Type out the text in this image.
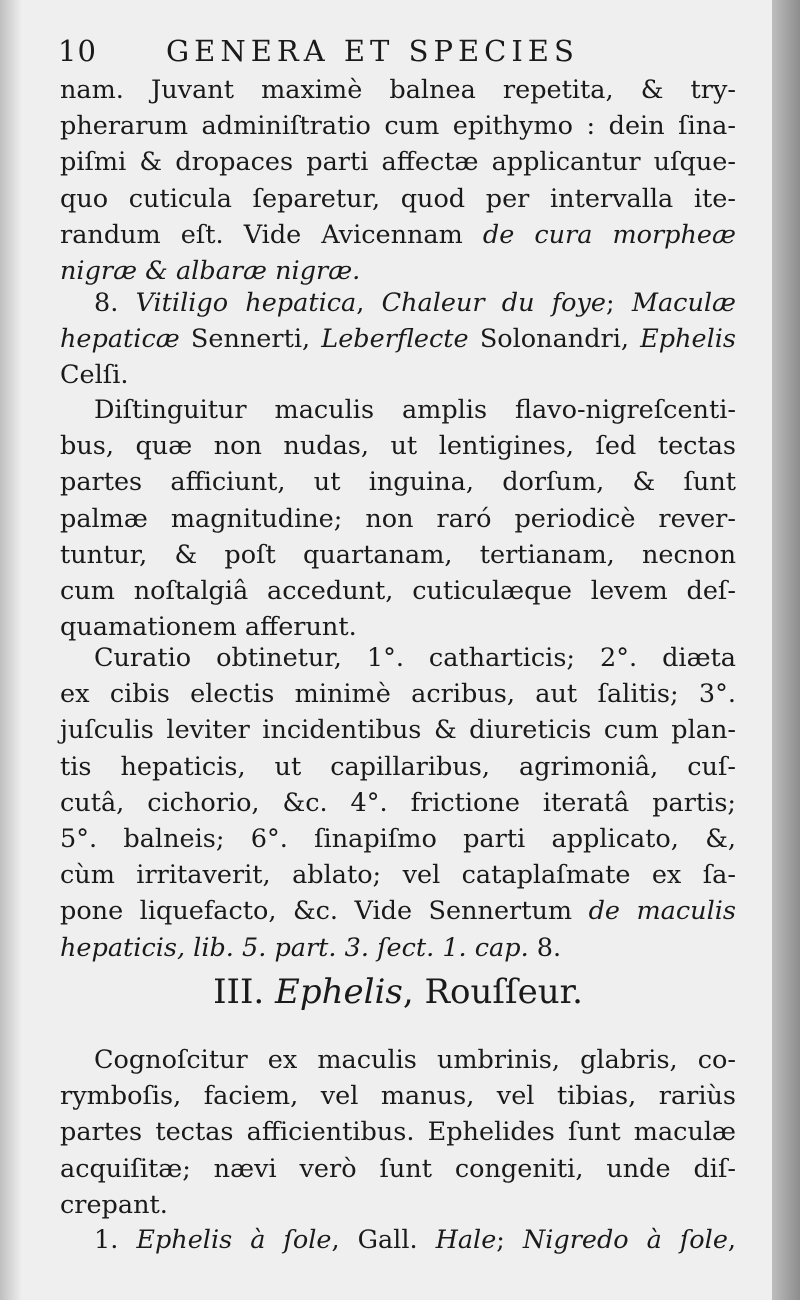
10 GENERA ET SPECIES
nam. Juvant maximè balnea repetita, & try-
pherarum adminiſtratio cum epithymo : dein ſina-
piſmi & dropaces parti affectæ applicantur uſque-
quo cuticula ſeparetur, quod per intervalla ite-
randum eſt. Vide Avicennam de cura morpheæ
nigræ & albaræ nigræ.
8. Vitiligo hepatica, Chaleur du foye; Maculæ
hepaticæ Sennerti, Leberflecte Solonandri, Ephelis
Celſi.
Diſtinguitur maculis amplis flavo-nigreſcenti-
bus, quæ non nudas, ut lentigines, ſed tectas
partes afficiunt, ut inguina, dorſum, & ſunt
palmæ magnitudine; non raró periodicè rever-
tuntur, & poſt quartanam, tertianam, necnon
cum noſtalgiâ accedunt, cuticulæque levem deſ-
quamationem afferunt.
Curatio obtinetur, 1°. catharticis; 2°. diæta
ex cibis electis minimè acribus, aut ſalitis; 3°.
juſculis leviter incidentibus & diureticis cum plan-
tis hepaticis, ut capillaribus, agrimoniâ, cuſ-
cutâ, cichorio, &c. 4°. frictione iteratâ partis;
5°. balneis; 6°. ſinapiſmo parti applicato, &,
cùm irritaverit, ablato; vel cataplaſmate ex ſa-
pone liquefacto, &c. Vide Sennertum de maculis
hepaticis, lib. 5. part. 3. ſect. 1. cap. 8.
III. Ephelis, Rouſſeur.
Cognoſcitur ex maculis umbrinis, glabris, co-
rymboſis, faciem, vel manus, vel tibias, rariùs
partes tectas afficientibus. Ephelides ſunt maculæ
acquiſitæ; nævi verò ſunt congeniti, unde diſ-
crepant.
1. Ephelis à ſole, Gall. Hale; Nigredo à ſole,
